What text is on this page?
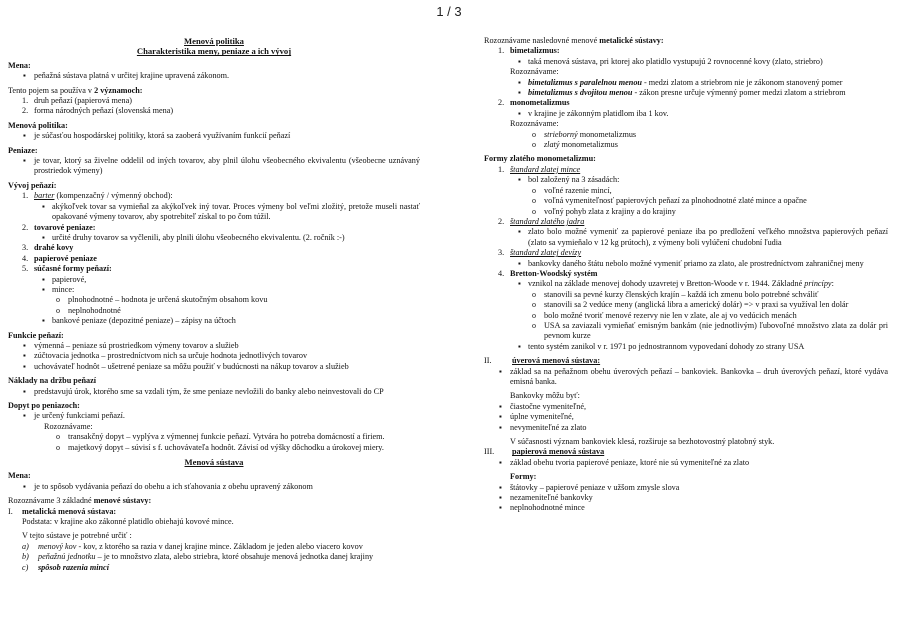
1 / 3
Menová politika
Charakteristika meny, peniaze a ich vývoj
Mena:
▪ peňažná sústava platná v určitej krajine upravená zákonom.
Tento pojem sa používa v 2 významoch:
1. druh peňazí (papierová mena)
2. forma národných peňazí (slovenská mena)
Menová politika:
▪ je súčasťou hospodárskej politiky, ktorá sa zaoberá využívaním funkcií peňazí
Peniaze:
▪ je tovar, ktorý sa živelne oddelil od iných tovarov, aby plnil úlohu všeobecného ekvivalentu (všeobecne uznávaný prostriedok výmeny)
Vývoj peňazí:
1. barter (kompenzačný / výmenný obchod):
▪ akýkoľvek tovar sa vymieňal za akýkoľvek iný tovar. Proces výmeny bol veľmi zložitý, pretože museli nastať opakované výmeny tovarov, aby spotrebiteľ získal to po čom túžil.
2. tovarové peniaze:
▪ určité druhy tovarov sa vyčlenili, aby plnili úlohu všeobecného ekvivalentu. (2. ročník :-)
3. drahé kovy
4. papierové peniaze
5. súčasné formy peňazí:
▪ papierové,
▪ mince:
o plnohodnotné – hodnota je určená skutočným obsahom kovu
o neplnohodnotné
▪ bankové peniaze (depozitné peniaze) – zápisy na účtoch
Funkcie peňazí:
▪ výmenná – peniaze sú prostriedkom výmeny tovarov a služieb
▪ zúčtovacia jednotka – prostredníctvom nich sa určuje hodnota jednotlivých tovarov
▪ uchovávateľ hodnôt – ušetrené peniaze sa môžu použiť v budúcnosti na nákup tovarov a služieb
Náklady na držbu peňazí
▪ predstavujú úrok, ktorého sme sa vzdali tým, že sme peniaze nevložili do banky alebo neinvestovali do CP
Dopyt po peniazoch:
▪ je určený funkciami peňazí.
Rozoznávame:
o transakčný dopyt – vyplýva z výmennej funkcie peňazí. Vytvára ho potreba domácností a firiem.
o majetkový dopyt – súvisí s f. uchovávateľa hodnôt. Závisí od výšky dôchodku a úrokovej miery.
Menová sústava
Mena:
▪ je to spôsob vydávania peňazí do obehu a ich sťahovania z obehu upravený zákonom
Rozoznávame 3 základné menové sústavy:
I. metalická menová sústava:
Podstata: v krajine ako zákonné platidlo obiehajú kovové mince.
V tejto sústave je potrebné určiť :
a) menový kov - kov, z ktorého sa razia v danej krajine mince. Základom je jeden alebo viacero kovov
b) peňažnú jednotku – je to množstvo zlata, alebo striebra, ktoré obsahuje menová jednotka danej krajiny
c) spôsob razenia mincí
Rozoznávame nasledovné menové metalické sústavy:
1. bimetalizmus:
▪ taká menová sústava, pri ktorej ako platidlo vystupujú 2 rovnocenné kovy (zlato, striebro)
Rozoznávame:
▪ bimetalizmus s paralelnou menou - medzi zlatom a striebrom nie je zákonom stanovený pomer
▪ bimetalizmus s dvojitou menou - zákon presne určuje výmenný pomer medzi zlatom a striebrom
2. monometalizmus
▪ v krajine je zákonným platidlom iba 1 kov.
Rozoznávame:
o strieborný monometalizmus
o zlatý monometalizmus
Formy zlatého monometalizmu:
1. štandard zlatej mince
▪ bol založený na 3 zásadách:
o voľné razenie mincí,
o voľná vymeniteľnosť papierových peňazí za plnohodnotné zlaté mince a opačne
o voľný pohyb zlata z krajiny a do krajiny
2. štandard zlatého jadra
▪ zlato bolo možné vymeniť za papierové peniaze iba po predložení veľkého množstva papierových peňazí (zlato sa vymieňalo v 12 kg prútoch), z výmeny boli vylúčení chudobní ľudia
3. štandard zlatej devízy
▪ bankovky daného štátu nebolo možné vymeniť priamo za zlato, ale prostredníctvom zahraničnej meny
4. Bretton-Woodský systém
▪ vznikol na základe menovej dohody uzavretej v Bretton-Woode v r. 1944. Základné princípy:
o stanovili sa pevné kurzy členských krajín – každá ich zmenu bolo potrebné schváliť
o stanovili sa 2 vedúce meny (anglická libra a americký dolár) => v praxi sa využíval len dolár
o bolo možné tvoriť menové rezervy nie len v zlate, ale aj vo vedúcich menách
o USA sa zaviazali vymieňať emisným bankám (nie jednotlivým) ľubovoľné množstvo zlata za dolár pri pevnom kurze
▪ tento systém zanikol v r. 1971 po jednostrannom vypovedaní dohody zo strany USA
II.	úverová menová sústava:
▪ základ sa na peňažnom obehu úverových peňazí – bankoviek. Bankovka – druh úverových peňazí, ktoré vydáva emisná banka.
Bankovky môžu byť:
▪ čiastočne vymeniteľné,
▪ úplne vymeniteľné,
▪ nevymeniteľné za zlato
V súčasnosti význam bankoviek klesá, rozširuje sa bezhotovostný platobný styk.
III. papierová menová sústava
▪ základ obehu tvoria papierové peniaze, ktoré nie sú vymeniteľné za zlato
Formy:
▪ štátovky – papierové peniaze v užšom zmysle slova
▪ nezameniteľné bankovky
▪ neplnohodnotné mince
